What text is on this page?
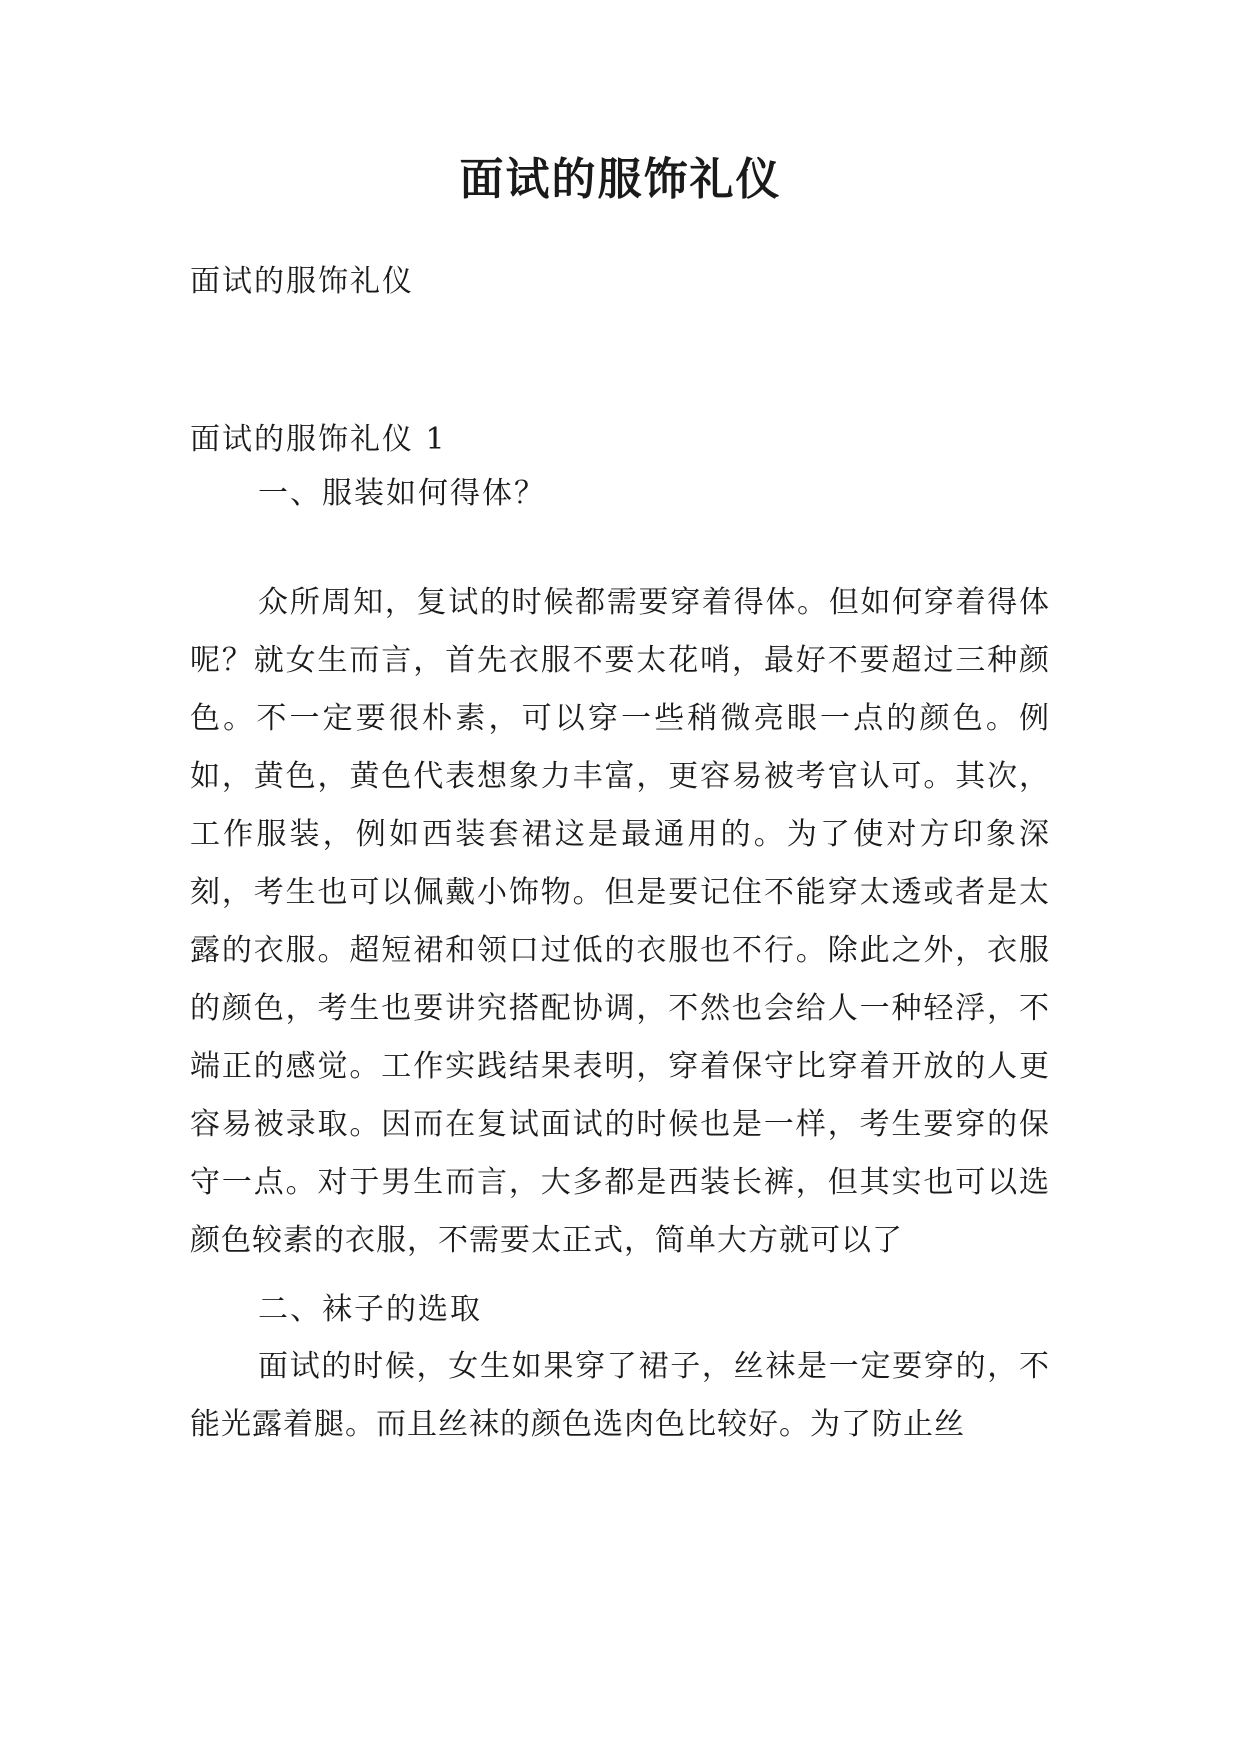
面试的服饰礼仪

面试的服饰礼仪

面试的服饰礼仪 1

一、服装如何得体？

众所周知，复试的时候都需要穿着得体。但如何穿着得体呢？就女生而言，首先衣服不要太花哨，最好不要超过三种颜色。不一定要很朴素，可以穿一些稍微亮眼一点的颜色。例如，黄色，黄色代表想象力丰富，更容易被考官认可。其次，工作服装，例如西装套裙这是最通用的。为了使对方印象深刻，考生也可以佩戴小饰物。但是要记住不能穿太透或者是太露的衣服。超短裙和领口过低的衣服也不行。除此之外，衣服的颜色，考生也要讲究搭配协调，不然也会给人一种轻浮，不端正的感觉。工作实践结果表明，穿着保守比穿着开放的人更容易被录取。因而在复试面试的时候也是一样，考生要穿的保守一点。对于男生而言，大多都是西装长裤，但其实也可以选颜色较素的衣服，不需要太正式，简单大方就可以了

二、袜子的选取

面试的时候，女生如果穿了裙子，丝袜是一定要穿的，不能光露着腿。而且丝袜的颜色选肉色比较好。为了防止丝
